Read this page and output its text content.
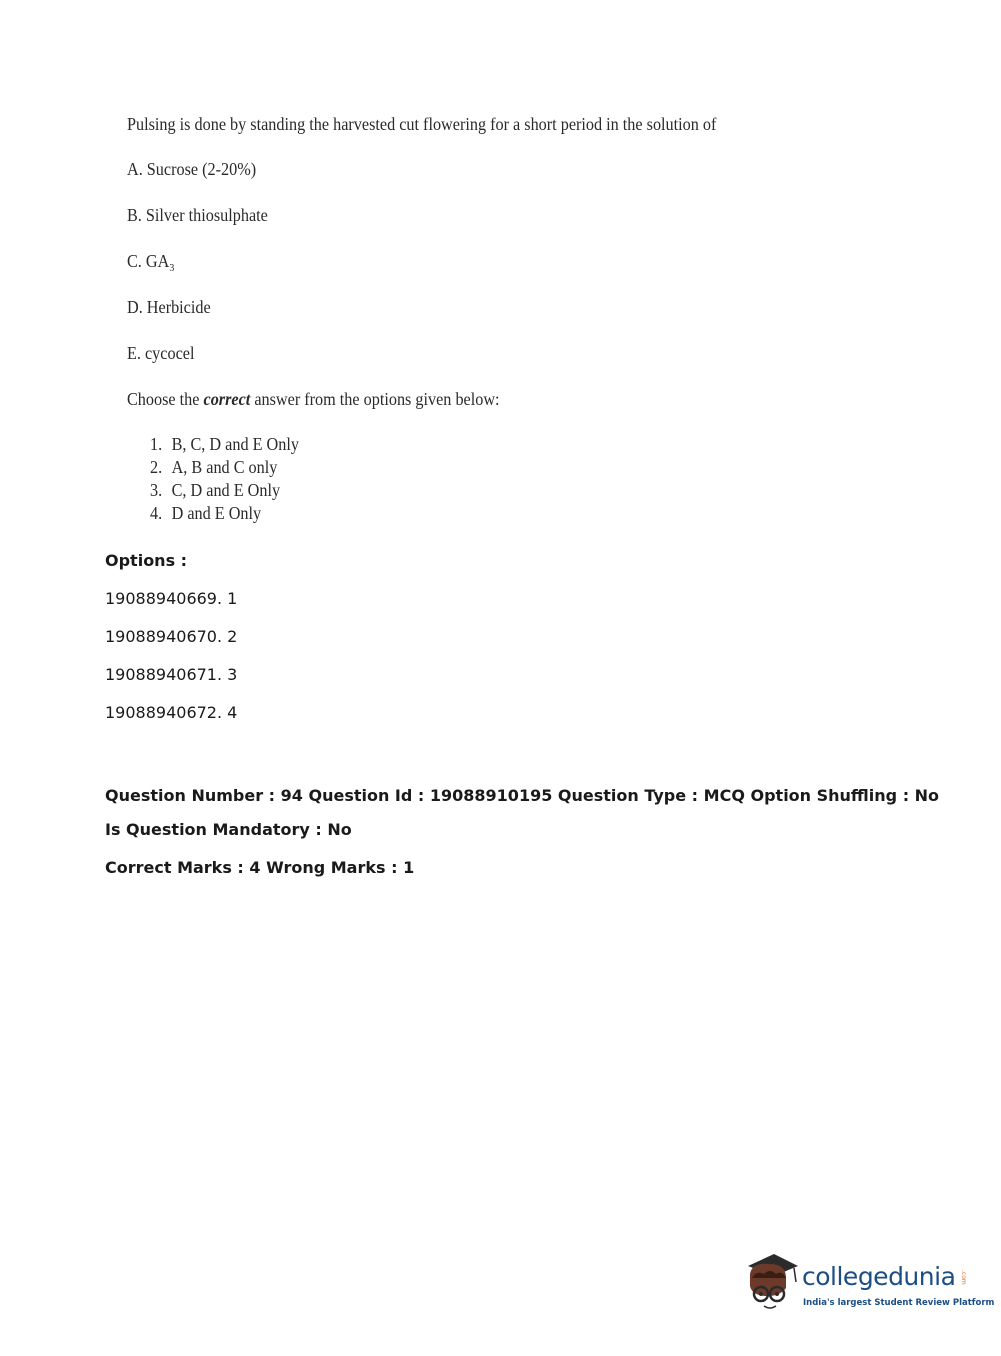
Pulsing is done by standing the harvested cut flowering for a short period in the solution of
A. Sucrose (2-20%)
B. Silver thiosulphate
C. $GA_3$
D. Herbicide
E. cycocel
Choose the correct answer from the options given below:
1. B, C, D and E Only
2. A, B and C only
3. C, D and E Only
4. D and E Only
Options :
19088940669. 1
19088940670. 2
19088940671. 3
19088940672. 4
Question Number : 94 Question Id : 19088910195 Question Type : MCQ Option Shuffling : No
Is Question Mandatory : No
Correct Marks : 4 Wrong Marks : 1
collegedunia .com
India's largest Student Review Platform
